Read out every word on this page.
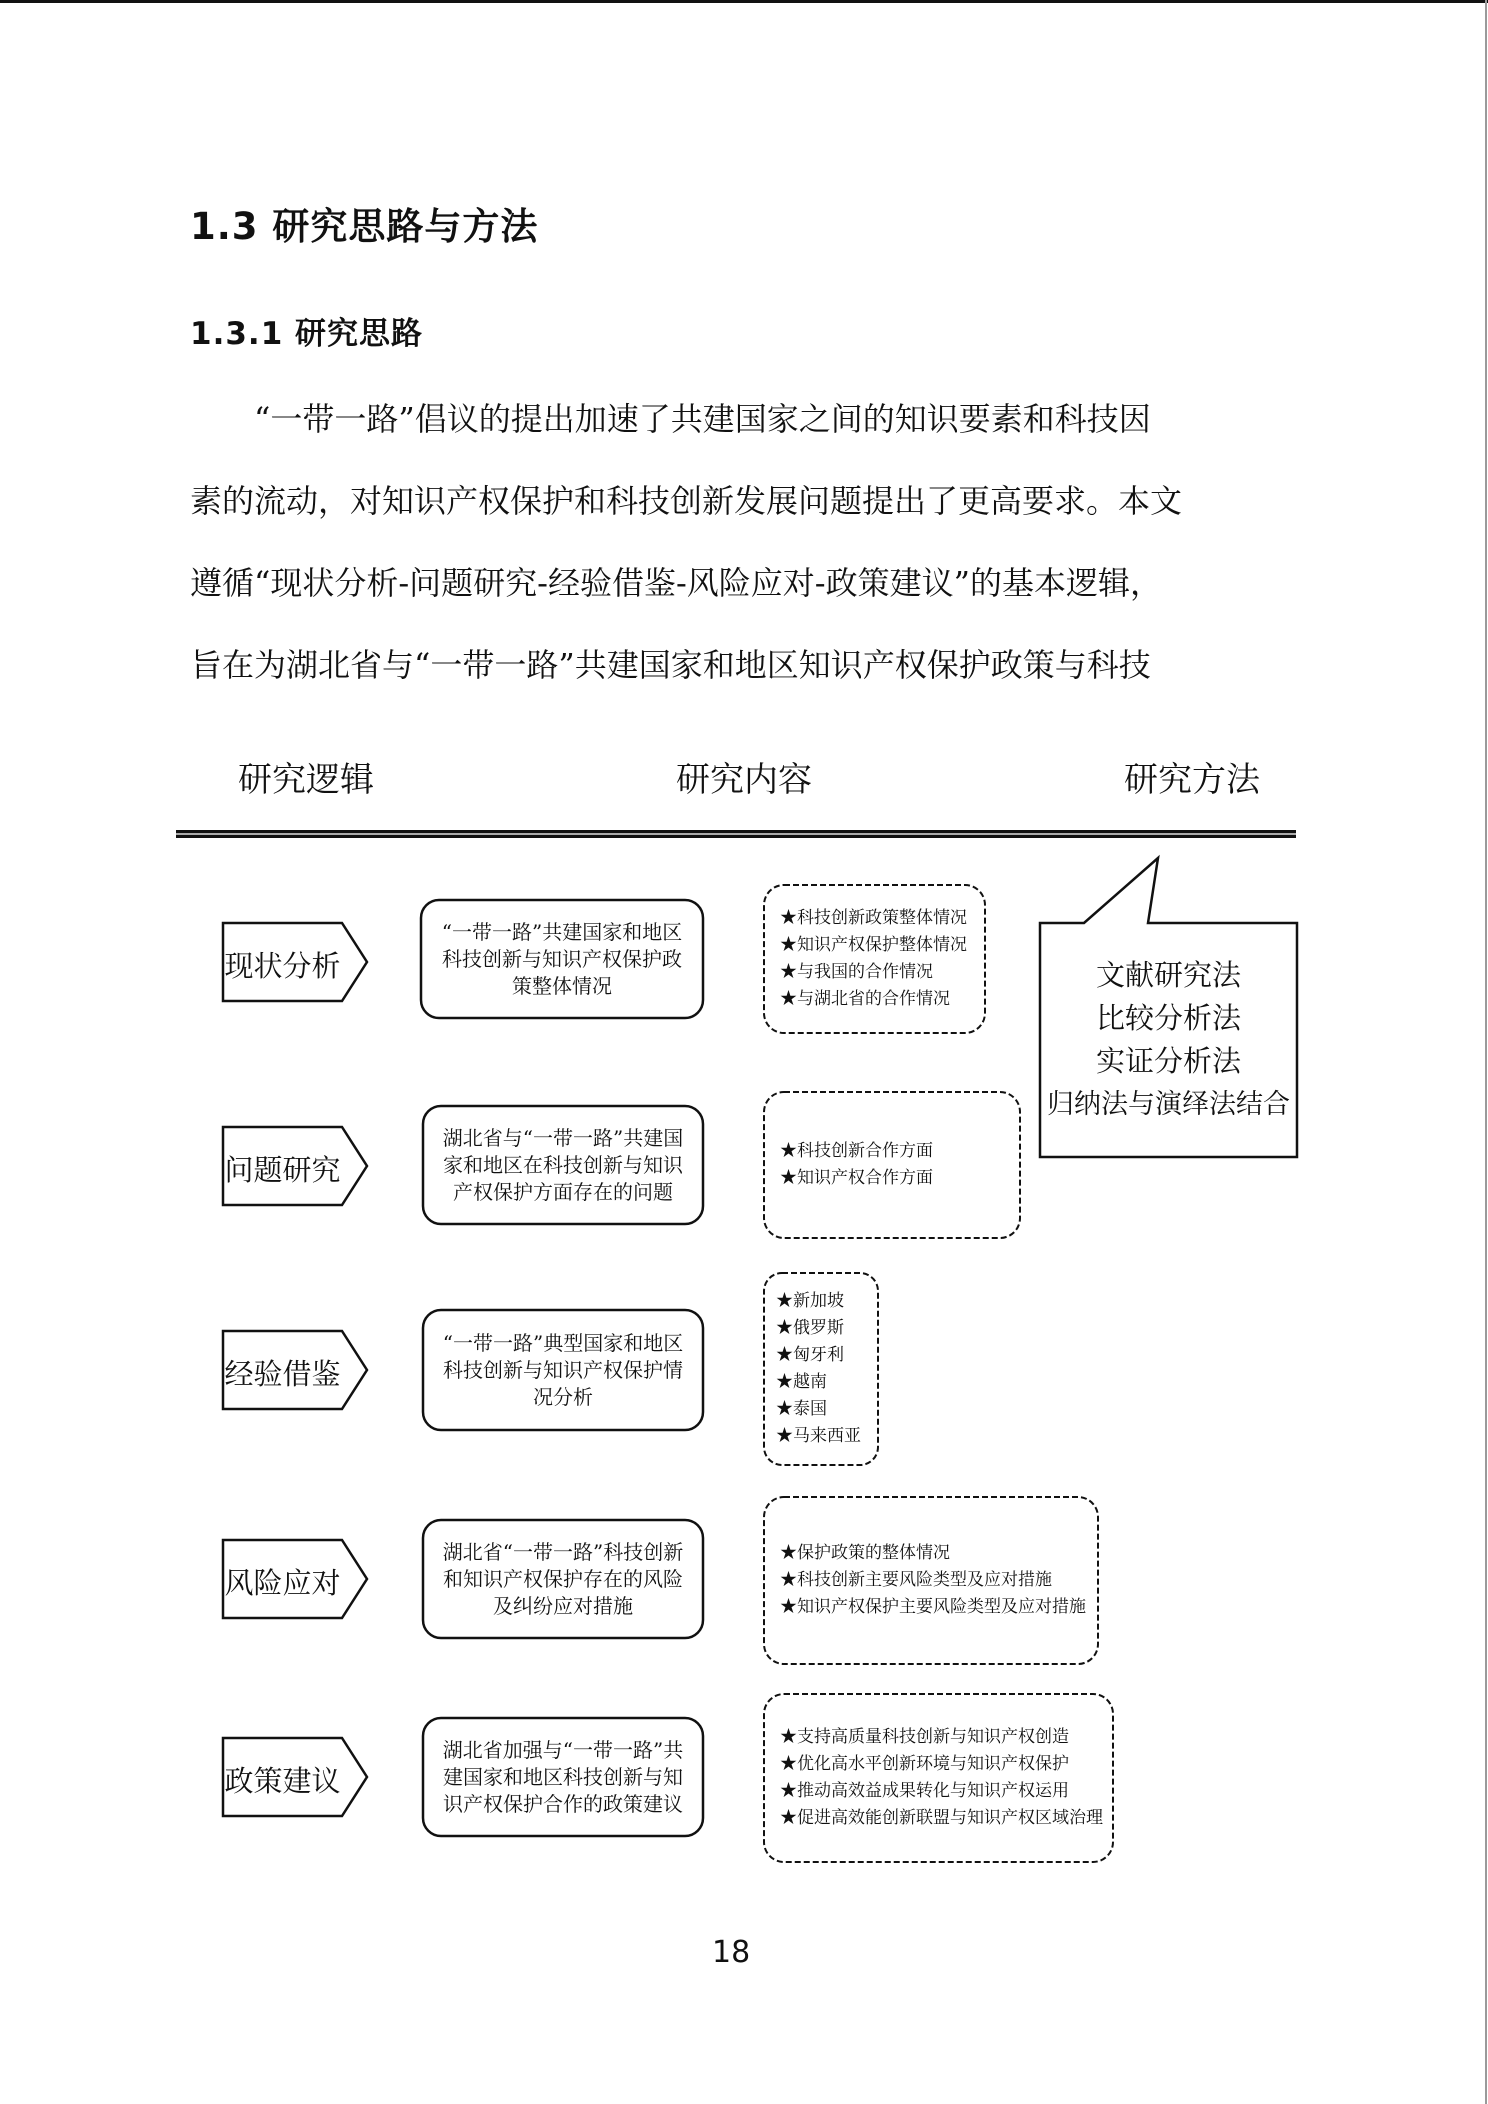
1.3 研究思路与方法
1.3.1 研究思路

“一带一路”倡议的提出加速了共建国家之间的知识要素和科技因

素的流动，对知识产权保护和科技创新发展问题提出了更高要求。本文

遵循“现状分析-问题研究-经验借鉴-风险应对-政策建议”的基本逻辑，

旨在为湖北省与“一带一路”共建国家和地区知识产权保护政策与科技

研究逻辑	研究内容	研究方法
现状分析
“一带一路”共建国家和地区科技创新与知识产权保护政策整体情况
★科技创新政策整体情况
★知识产权保护整体情况
★与我国的合作情况
★与湖北省的合作情况
问题研究
湖北省与“一带一路”共建国家和地区在科技创新与知识产权保护方面存在的问题
★科技创新合作方面
★知识产权合作方面
经验借鉴
“一带一路”典型国家和地区科技创新与知识产权保护情况分析
★新加坡
★俄罗斯
★匈牙利
★越南
★泰国
★马来西亚
风险应对
湖北省“一带一路”科技创新和知识产权保护存在的风险及纠纷应对措施
★保护政策的整体情况
★科技创新主要风险类型及应对措施
★知识产权保护主要风险类型及应对措施
政策建议
湖北省加强与“一带一路”共建国家和地区科技创新与知识产权保护合作的政策建议
★支持高质量科技创新与知识产权创造
★优化高水平创新环境与知识产权保护
★推动高效益成果转化与知识产权运用
★促进高效能创新联盟与知识产权区域治理
文献研究法
比较分析法
实证分析法
归纳法与演绎法结合
18
